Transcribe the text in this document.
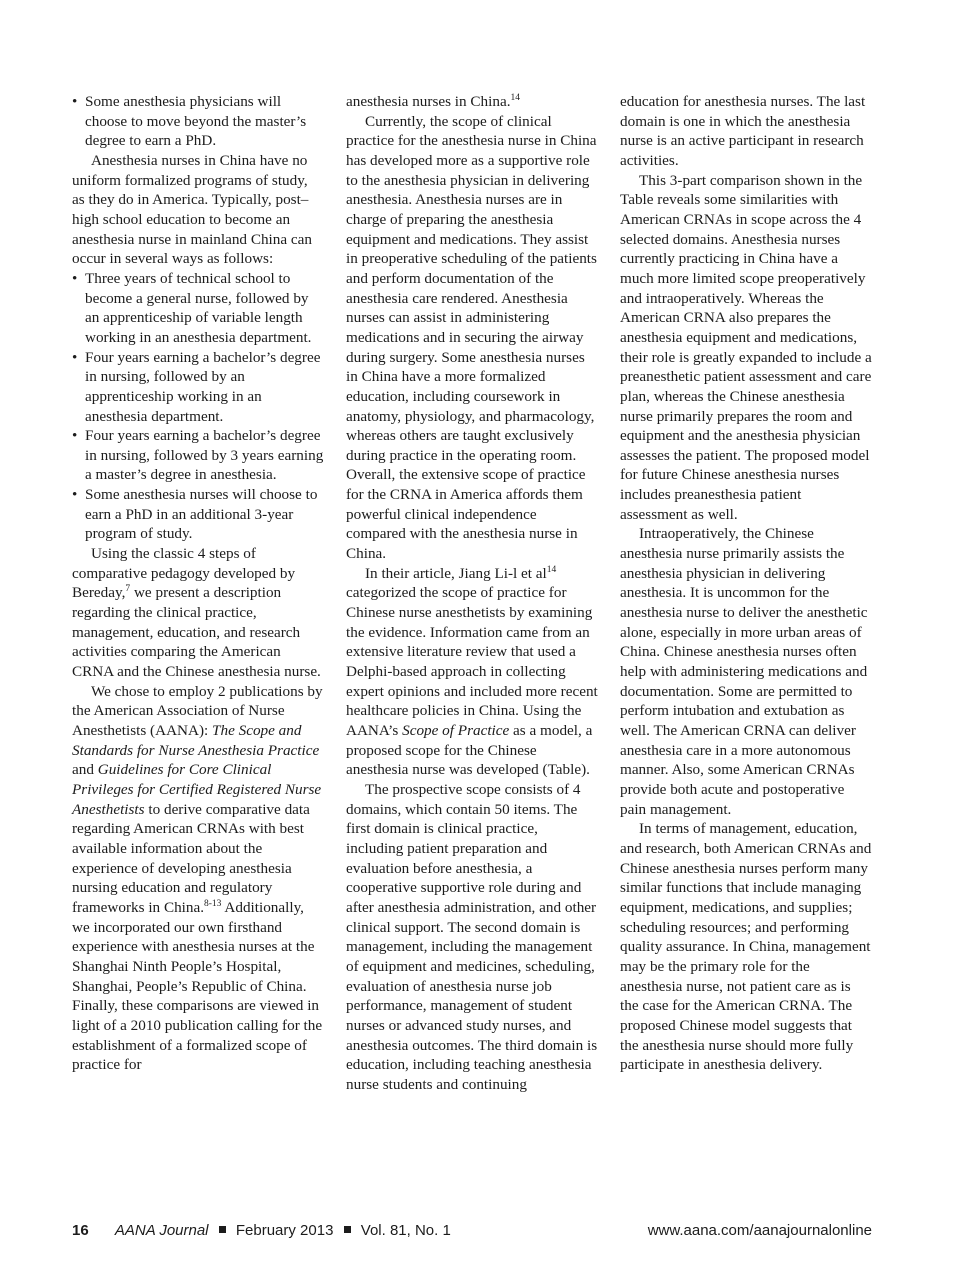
• Some anesthesia physicians will choose to move beyond the master’s degree to earn a PhD.

Anesthesia nurses in China have no uniform formalized programs of study, as they do in America. Typically, post–high school education to become an anesthesia nurse in mainland China can occur in several ways as follows:

• Three years of technical school to become a general nurse, followed by an apprenticeship of variable length working in an anesthesia department.
• Four years earning a bachelor’s degree in nursing, followed by an apprenticeship working in an anesthesia department.
• Four years earning a bachelor’s degree in nursing, followed by 3 years earning a master’s degree in anesthesia.
• Some anesthesia nurses will choose to earn a PhD in an additional 3-year program of study.

Using the classic 4 steps of comparative pedagogy developed by Bereday,$^7$ we present a description regarding the clinical practice, management, education, and research activities comparing the American CRNA and the Chinese anesthesia nurse.

We chose to employ 2 publications by the American Association of Nurse Anesthetists (AANA): The Scope and Standards for Nurse Anesthesia Practice and Guidelines for Core Clinical Privileges for Certified Registered Nurse Anesthetists to derive comparative data regarding American CRNAs with best available information about the experience of developing anesthesia nursing education and regulatory frameworks in China.$^{8-13}$ Additionally, we incorporated our own firsthand experience with anesthesia nurses at the Shanghai Ninth People’s Hospital, Shanghai, People’s Republic of China. Finally, these comparisons are viewed in light of a 2010 publication calling for the establishment of a formalized scope of practice for

anesthesia nurses in China.$^{14}$

Currently, the scope of clinical practice for the anesthesia nurse in China has developed more as a supportive role to the anesthesia physician in delivering anesthesia. Anesthesia nurses are in charge of preparing the anesthesia equipment and medications. They assist in preoperative scheduling of the patients and perform documentation of the anesthesia care rendered. Anesthesia nurses can assist in administering medications and in securing the airway during surgery. Some anesthesia nurses in China have a more formalized education, including coursework in anatomy, physiology, and pharmacology, whereas others are taught exclusively during practice in the operating room. Overall, the extensive scope of practice for the CRNA in America affords them powerful clinical independence compared with the anesthesia nurse in China.

In their article, Jiang Li-l et $al^{14}$ categorized the scope of practice for Chinese nurse anesthetists by examining the evidence. Information came from an extensive literature review that used a Delphi-based approach in collecting expert opinions and included more recent healthcare policies in China. Using the AANA’s Scope of Practice as a model, a proposed scope for the Chinese anesthesia nurse was developed (Table).

The prospective scope consists of 4 domains, which contain 50 items. The first domain is clinical practice, including patient preparation and evaluation before anesthesia, a cooperative supportive role during and after anesthesia administration, and other clinical support. The second domain is management, including the management of equipment and medicines, scheduling, evaluation of anesthesia nurse job performance, management of student nurses or advanced study nurses, and anesthesia outcomes. The third domain is education, including teaching anesthesia nurse students and continuing

education for anesthesia nurses. The last domain is one in which the anesthesia nurse is an active participant in research activities.

This 3-part comparison shown in the Table reveals some similarities with American CRNAs in scope across the 4 selected domains. Anesthesia nurses currently practicing in China have a much more limited scope preoperatively and intraoperatively. Whereas the American CRNA also prepares the anesthesia equipment and medications, their role is greatly expanded to include a preanesthetic patient assessment and care plan, whereas the Chinese anesthesia nurse primarily prepares the room and equipment and the anesthesia physician assesses the patient. The proposed model for future Chinese anesthesia nurses includes preanesthesia patient assessment as well.

Intraoperatively, the Chinese anesthesia nurse primarily assists the anesthesia physician in delivering anesthesia. It is uncommon for the anesthesia nurse to deliver the anesthetic alone, especially in more urban areas of China. Chinese anesthesia nurses often help with administering medications and documentation. Some are permitted to perform intubation and extubation as well. The American CRNA can deliver anesthesia care in a more autonomous manner. Also, some American CRNAs provide both acute and postoperative pain management.

In terms of management, education, and research, both American CRNAs and Chinese anesthesia nurses perform many similar functions that include managing equipment, medications, and supplies; scheduling resources; and performing quality assurance. In China, management may be the primary role for the anesthesia nurse, not patient care as is the case for the American CRNA. The proposed Chinese model suggests that the anesthesia nurse should more fully participate in anesthesia delivery.

16 AANA Journal February 2013 Vol. 81, No. 1	www.aana.com/aanajournalonline
